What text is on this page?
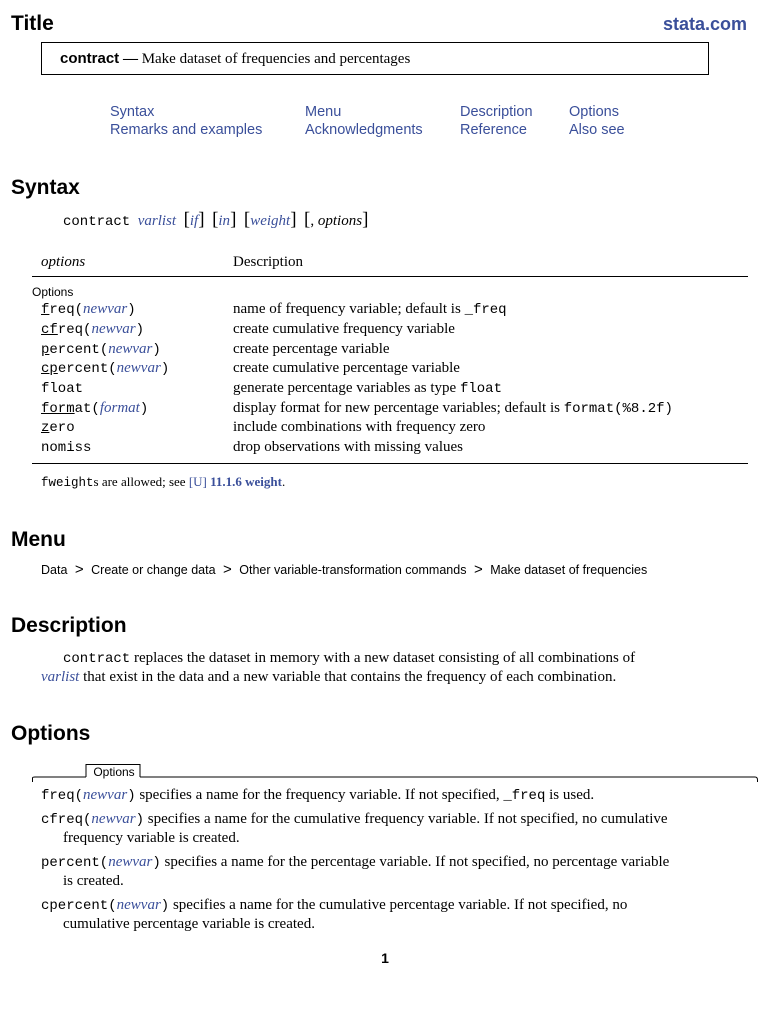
Title	stata.com
contract — Make dataset of frequencies and percentages
Syntax	Menu	Description	Options
Remarks and examples	Acknowledgments	Reference	Also see
Syntax
contract varlist [if] [in] [weight] [, options]
options	Description
Options
freq(newvar)	name of frequency variable; default is _freq
cfreq(newvar)	create cumulative frequency variable
percent(newvar)	create percentage variable
cpercent(newvar)	create cumulative percentage variable
float	generate percentage variables as type float
format(format)	display format for new percentage variables; default is format(%8.2f)
zero	include combinations with frequency zero
nomiss	drop observations with missing values
fweights are allowed; see [U] 11.1.6 weight.
Menu
Data > Create or change data > Other variable-transformation commands > Make dataset of frequencies
Description
contract replaces the dataset in memory with a new dataset consisting of all combinations of
varlist that exist in the data and a new variable that contains the frequency of each combination.
Options
Options
freq(newvar) specifies a name for the frequency variable. If not specified, _freq is used.
cfreq(newvar) specifies a name for the cumulative frequency variable. If not specified, no cumulative
frequency variable is created.
percent(newvar) specifies a name for the percentage variable. If not specified, no percentage variable
is created.
cpercent(newvar) specifies a name for the cumulative percentage variable. If not specified, no
cumulative percentage variable is created.
1
